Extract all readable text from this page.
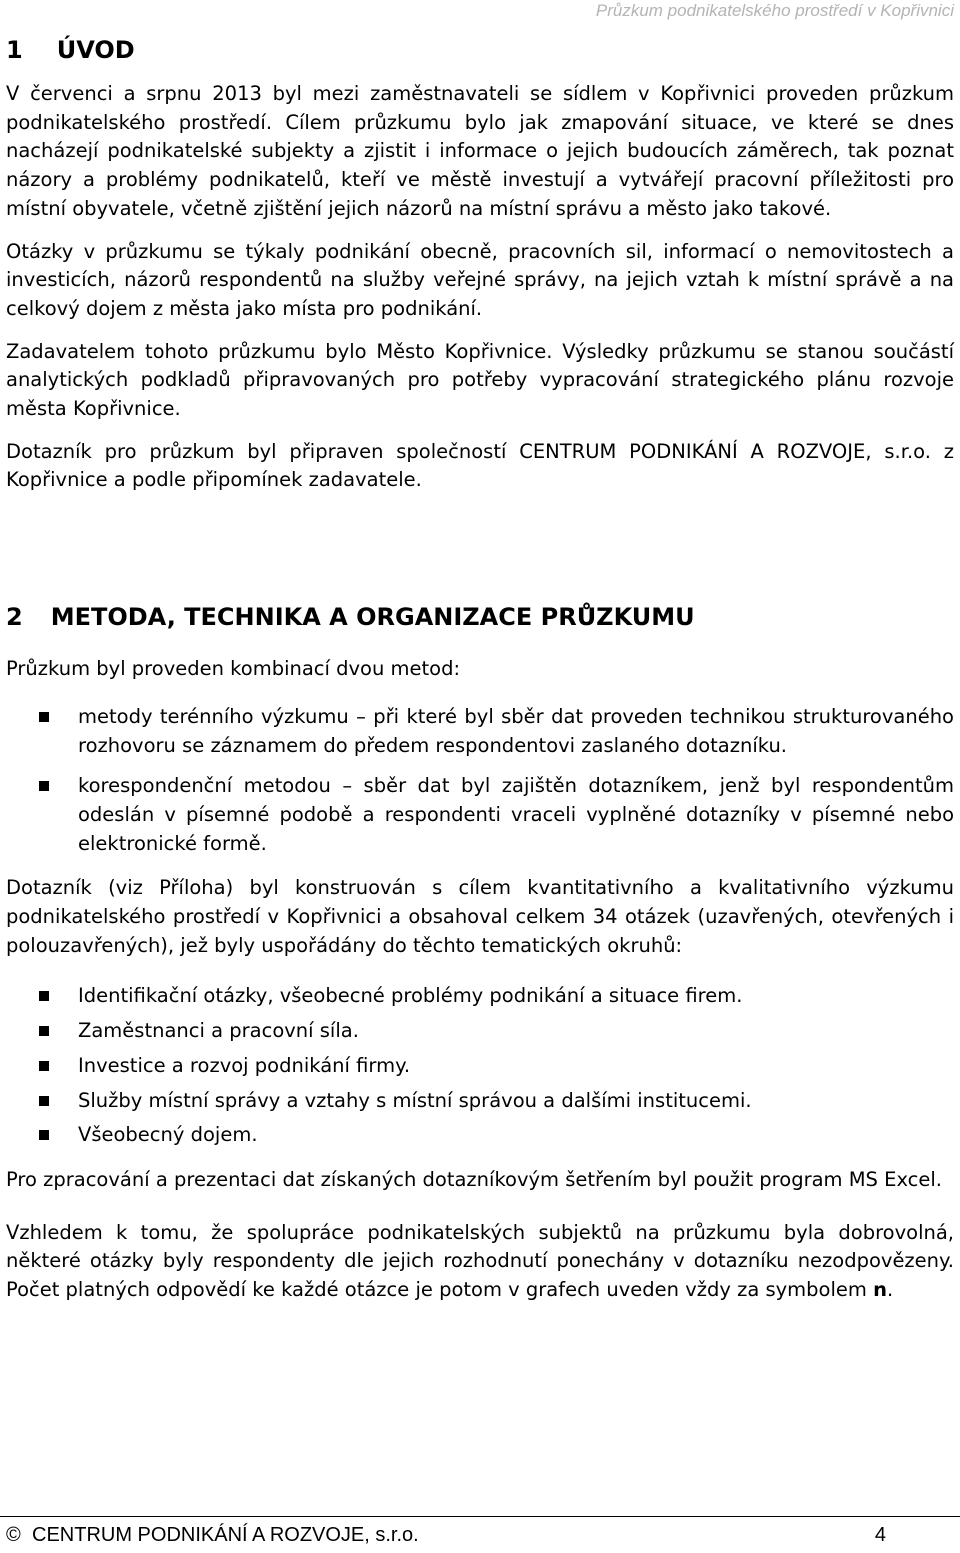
Průzkum podnikatelského prostředí v Kopřivnici
1 ÚVOD

V červenci a srpnu 2013 byl mezi zaměstnavateli se sídlem v Kopřivnici proveden průzkum podnikatelského prostředí. Cílem průzkumu bylo jak zmapování situace, ve které se dnes nacházejí podnikatelské subjekty a zjistit i informace o jejich budoucích záměrech, tak poznat názory a problémy podnikatelů, kteří ve městě investují a vytvářejí pracovní příležitosti pro místní obyvatele, včetně zjištění jejich názorů na místní správu a město jako takové.

Otázky v průzkumu se týkaly podnikání obecně, pracovních sil, informací o nemovitostech a investicích, názorů respondentů na služby veřejné správy, na jejich vztah k místní správě a na celkový dojem z města jako místa pro podnikání.

Zadavatelem tohoto průzkumu bylo Město Kopřivnice. Výsledky průzkumu se stanou součástí analytických podkladů připravovaných pro potřeby vypracování strategického plánu rozvoje města Kopřivnice.

Dotazník pro průzkum byl připraven společností CENTRUM PODNIKÁNÍ A ROZVOJE, s.r.o. z Kopřivnice a podle připomínek zadavatele.

2 METODA, TECHNIKA A ORGANIZACE PRŮZKUMU

Průzkum byl proveden kombinací dvou metod:

metody terénního výzkumu – při které byl sběr dat proveden technikou strukturovaného rozhovoru se záznamem do předem respondentovi zaslaného dotazníku.
korespondenční metodou – sběr dat byl zajištěn dotazníkem, jenž byl respondentům odeslán v písemné podobě a respondenti vraceli vyplněné dotazníky v písemné nebo elektronické formě.

Dotazník (viz Příloha) byl konstruován s cílem kvantitativního a kvalitativního výzkumu podnikatelského prostředí v Kopřivnici a obsahoval celkem 34 otázek (uzavřených, otevřených i polouzavřených), jež byly uspořádány do těchto tematických okruhů:

Identifikační otázky, všeobecné problémy podnikání a situace firem.
Zaměstnanci a pracovní síla.
Investice a rozvoj podnikání firmy.
Služby místní správy a vztahy s místní správou a dalšími institucemi.
Všeobecný dojem.

Pro zpracování a prezentaci dat získaných dotazníkovým šetřením byl použit program MS Excel.

Vzhledem k tomu, že spolupráce podnikatelských subjektů na průzkumu byla dobrovolná, některé otázky byly respondenty dle jejich rozhodnutí ponechány v dotazníku nezodpovězeny. Počet platných odpovědí ke každé otázce je potom v grafech uveden vždy za symbolem n.

© CENTRUM PODNIKÁNÍ A ROZVOJE, s.r.o.	4
